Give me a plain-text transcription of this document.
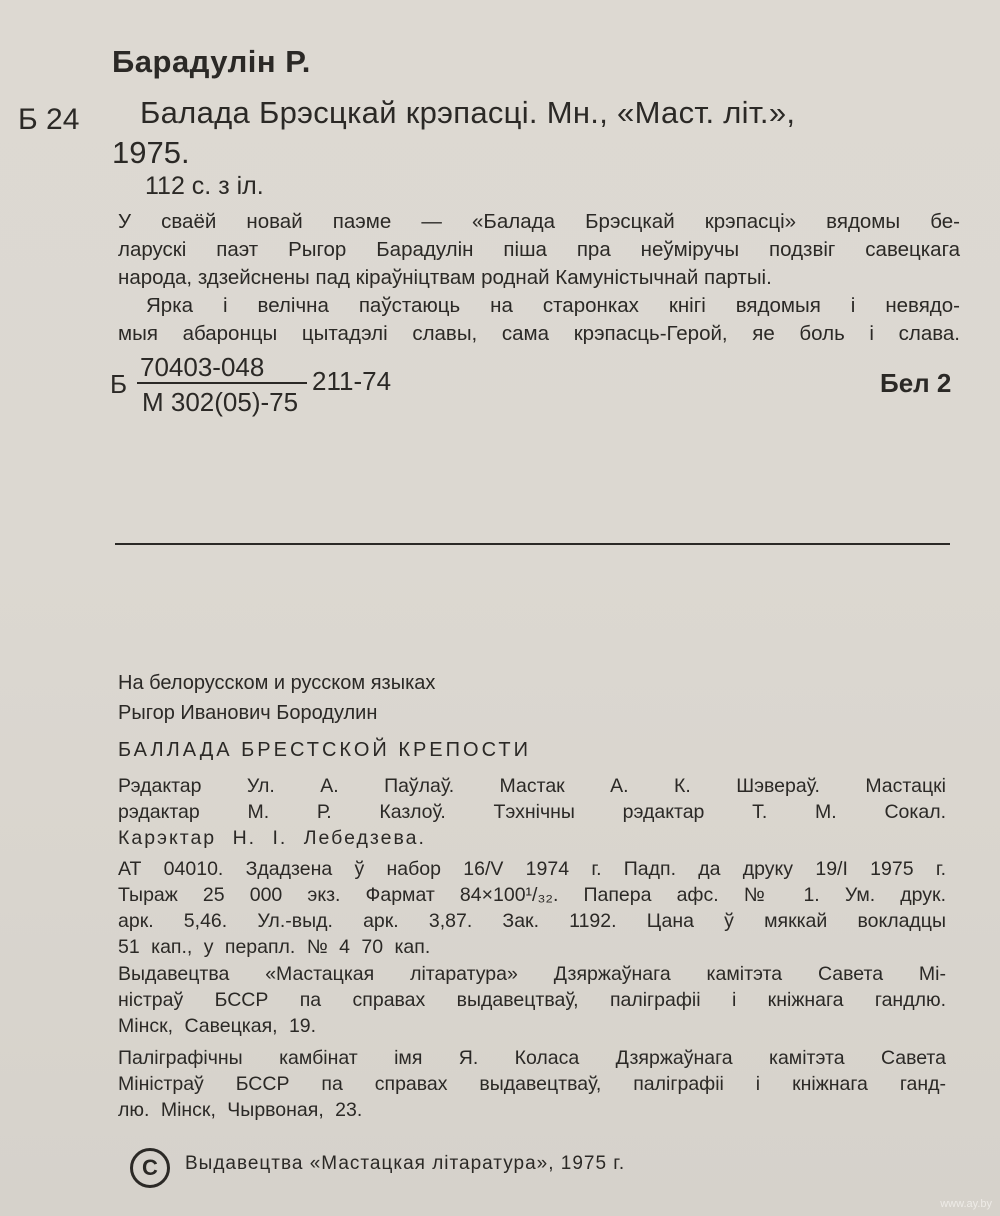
Барадулін Р.
Б 24 Балада Брэсцкай крэпасці. Мн., «Маст. літ.»,
1975.
112 с. з іл.

У сваёй новай паэме — «Балада Брэсцкай крэпасці» вядомы бе-

ларускі паэт Рыгор Барадулін піша пра неўміручы подзвіг савецкага

народа, здзейснены пад кіраўніцтвам роднай Камуністычнай партыі.

Ярка і велічна паўстаюць на старонках кнігі вядомыя і невядо-

мыя абаронцы цытадэлі славы, сама крэпасць-Герой, яе боль і слава.

Б
70403-048
М 302(05)-75
211-74	Бел 2
На белорусском и русском языках
Рыгор Иванович Бородулин
БАЛЛАДА БРЕСТСКОЙ КРЕПОСТИ

Рэдактар Ул. А. Паўлаў. Мастак А. К. Шэвераў. Мастацкі

рэдактар М. Р. Казлоў. Тэхнічны рэдактар Т. М. Сокал.

Карэктар Н. І. Лебедзева.

АТ 04010. Здадзена ў набор 16/V 1974 г. Падп. да друку 19/I 1975 г.

Тыраж 25 000 экз. Фармат 84×100¹/₃₂. Папера афс. № 1. Ум. друк.

арк. 5,46. Ул.-выд. арк. 3,87. Зак. 1192. Цана ў мяккай вокладцы

51 кап., у перапл. № 4 70 кап.

Выдавецтва «Мастацкая літаратура» Дзяржаўнага камітэта Савета Мі-

ністраў БССР па справах выдавецтваў, паліграфіі і кніжнага гандлю.

Мінск, Савецкая, 19.

Паліграфічны камбінат імя Я. Коласа Дзяржаўнага камітэта Савета

Міністраў БССР па справах выдавецтваў, паліграфіі і кніжнага ганд-

лю. Мінск, Чырвоная, 23.

C	Выдавецтва «Мастацкая літаратура», 1975 г.
www.ay.by
